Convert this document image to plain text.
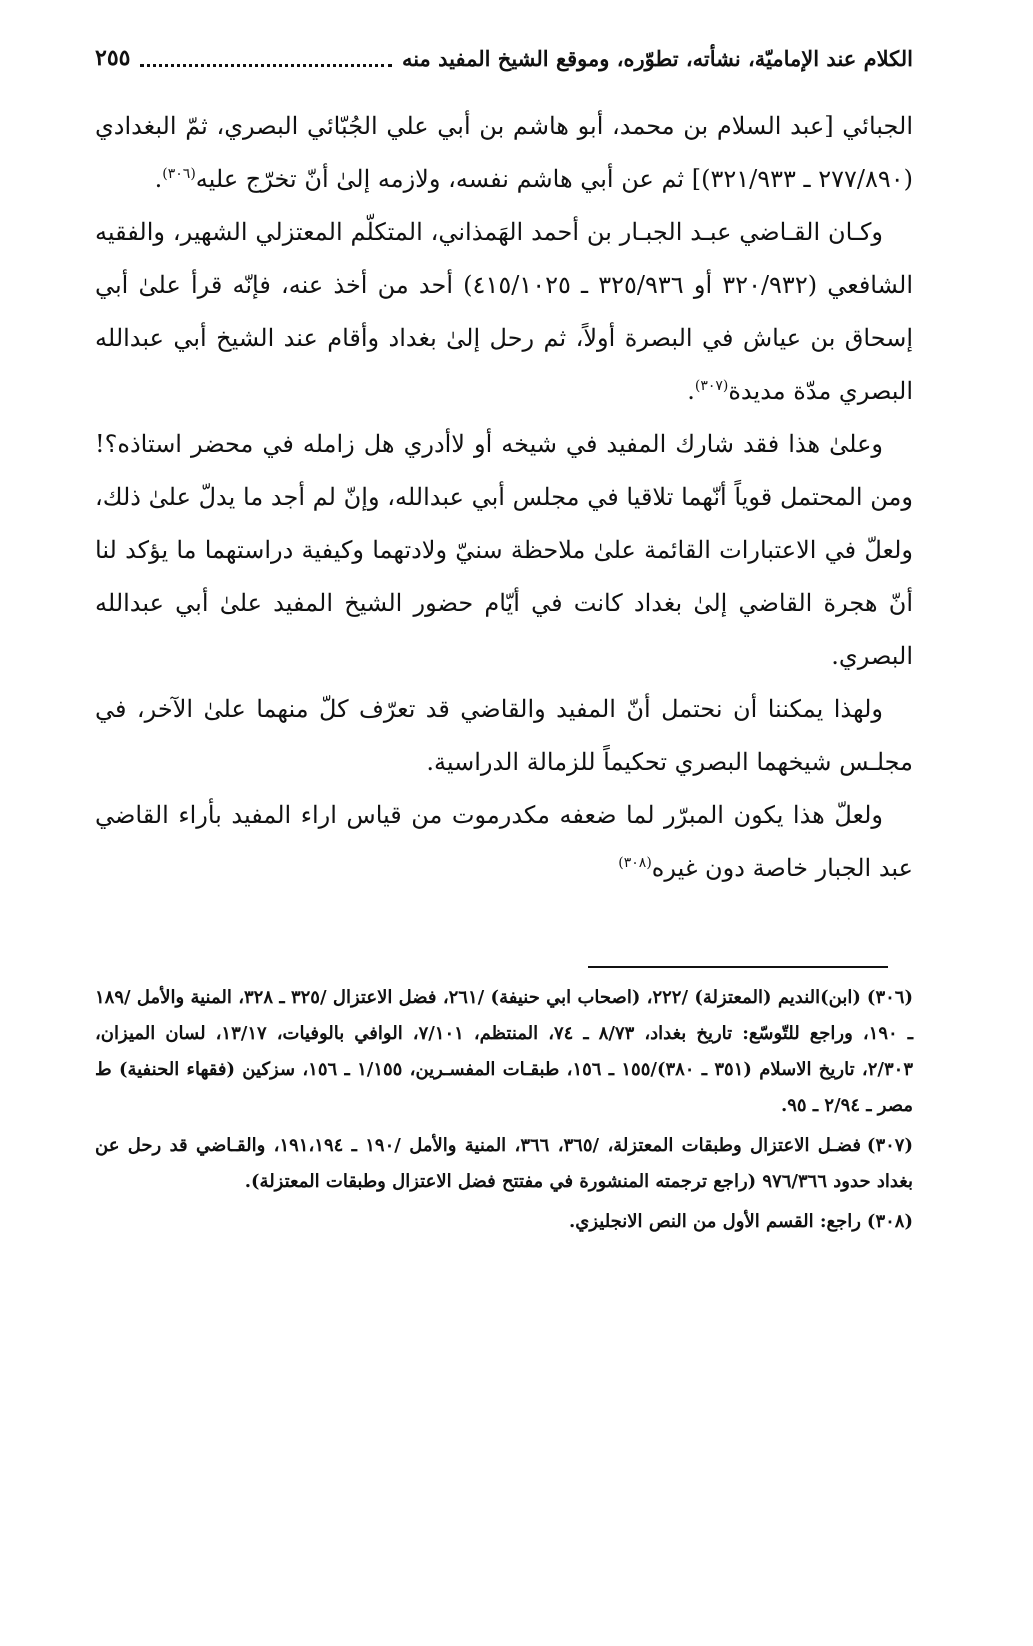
الكلام عند الإماميّة، نشأته، تطوّره، وموقع الشيخ المفيد منه
٢٥٥

الجبائي [عبد السلام بن محمد، أبو هاشم بن أبي علي الجُبّائي البصري، ثمّ البغدادي (٢٧٧/٨٩٠ ـ ٣٢١/٩٣٣)] ثم عن أبي هاشم نفسه، ولازمه إلىٰ أنّ تخرّج عليه$^{(٣٠٦)}$.

وكـان القـاضي عبـد الجبـار بن أحمد الهَمذاني، المتكلّم المعتزلي الشهير، والفقيه الشافعي (٣٢٠/٩٣٢ أو ٣٢٥/٩٣٦ ـ ٤١٥/١٠٢٥) أحد من أخذ عنه، فإنّه قرأ علىٰ أبي إسحاق بن عياش في البصرة أولاً، ثم رحل إلىٰ بغداد وأقام عند الشيخ أبي عبدالله البصري مدّة مديدة$^{(٣٠٧)}$.

وعلىٰ هذا فقد شارك المفيد في شيخه أو لاأدري هل زامله في محضر استاذه؟! ومن المحتمل قوياً أنّهما تلاقيا في مجلس أبي عبدالله، وإنّ لم أجد ما يدلّ علىٰ ذلك، ولعلّ في الاعتبارات القائمة علىٰ ملاحظة سنيّ ولادتهما وكيفية دراستهما ما يؤكد لنا أنّ هجرة القاضي إلىٰ بغداد كانت في أيّام حضور الشيخ المفيد علىٰ أبي عبدالله البصري.

ولهذا يمكننا أن نحتمل أنّ المفيد والقاضي قد تعرّف كلّ منهما علىٰ الآخر، في مجلـس شيخهما البصري تحكيماً للزمالة الدراسية.

ولعلّ هذا يكون المبرّر لما ضعفه مكدرموت من قياس اراء المفيد بأراء القاضي عبد الجبار خاصة دون غيره$^{(٣٠٨)}$

(٣٠٦)(ابن)النديم (المعتزلة) /٢٢٢، (اصحاب ابي حنيفة) /٢٦١، فضل الاعتزال /٣٢٥ ـ ٣٢٨، المنية والأمل /١٨٩ ـ ١٩٠، وراجع للتّوسّع: تاريخ بغداد، ٨/٧٣ ـ ٧٤، المنتظم، ٧/١٠١، الوافي بالوفيات، ١٣/١٧، لسان الميزان، ٢/٣٠٣، تاريخ الاسلام (٣٥١ ـ ٣٨٠)/١٥٥ ـ ١٥٦، طبقـات المفسـرين، ١/١٥٥ ـ ١٥٦، سزكين (فقهاء الحنفية) ط مصر ـ ٢/٩٤ ـ ٩٥.

(٣٠٧)فضـل الاعتزال وطبقات المعتزلة، /٣٦٥، ٣٦٦، المنية والأمل /١٩٠ ـ ١٩١،١٩٤، والقـاضي قد رحل عن بغداد حدود ٩٧٦/٣٦٦ (راجع ترجمته المنشورة في مفتتح فضل الاعتزال وطبقات المعتزلة).

(٣٠٨)راجع: القسم الأول من النص الانجليزي.
